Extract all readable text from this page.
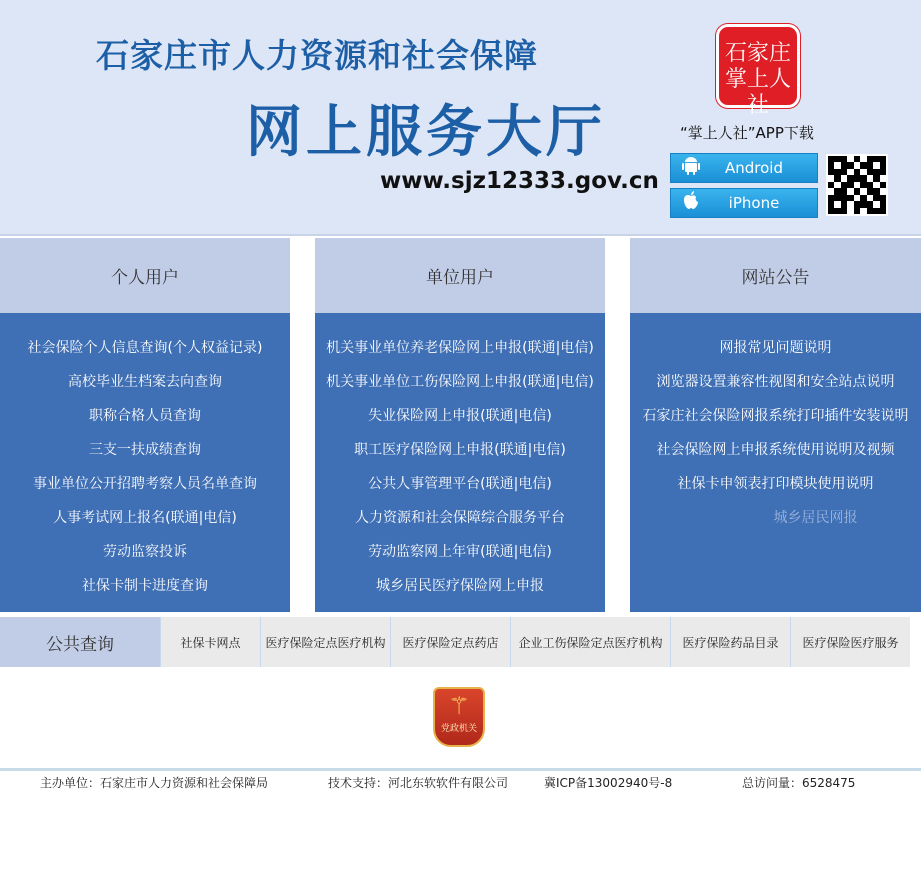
石家庄市人力资源和社会保障
网上服务大厅
www.sjz12333.gov.cn
石家庄
掌上人社
“掌上人社”APP下载
Android
iPhone
个人用户
社会保险个人信息查询(个人权益记录)
高校毕业生档案去向查询
职称合格人员查询
三支一扶成绩查询
事业单位公开招聘考察人员名单查询
人事考试网上报名(联通|电信)
劳动监察投诉
社保卡制卡进度查询
单位用户
机关事业单位养老保险网上申报(联通|电信)
机关事业单位工伤保险网上申报(联通|电信)
失业保险网上申报(联通|电信)
职工医疗保险网上申报(联通|电信)
公共人事管理平台(联通|电信)
人力资源和社会保障综合服务平台
劳动监察网上年审(联通|电信)
城乡居民医疗保险网上申报
网站公告
网报常见问题说明
浏览器设置兼容性视图和安全站点说明
石家庄社会保险网报系统打印插件安装说明
社会保险网上申报系统使用说明及视频
社保卡申领表打印模块使用说明
城乡居民网报
公共查询	社保卡网点	医疗保险定点医疗机构	医疗保险定点药店	企业工伤保险定点医疗机构	医疗保险药品目录	医疗保险医疗服务
⚚
党政机关
主办单位：石家庄市人力资源和社会保障局	技术支持：河北东软软件有限公司	冀ICP备13002940号-8	总访问量：6528475
